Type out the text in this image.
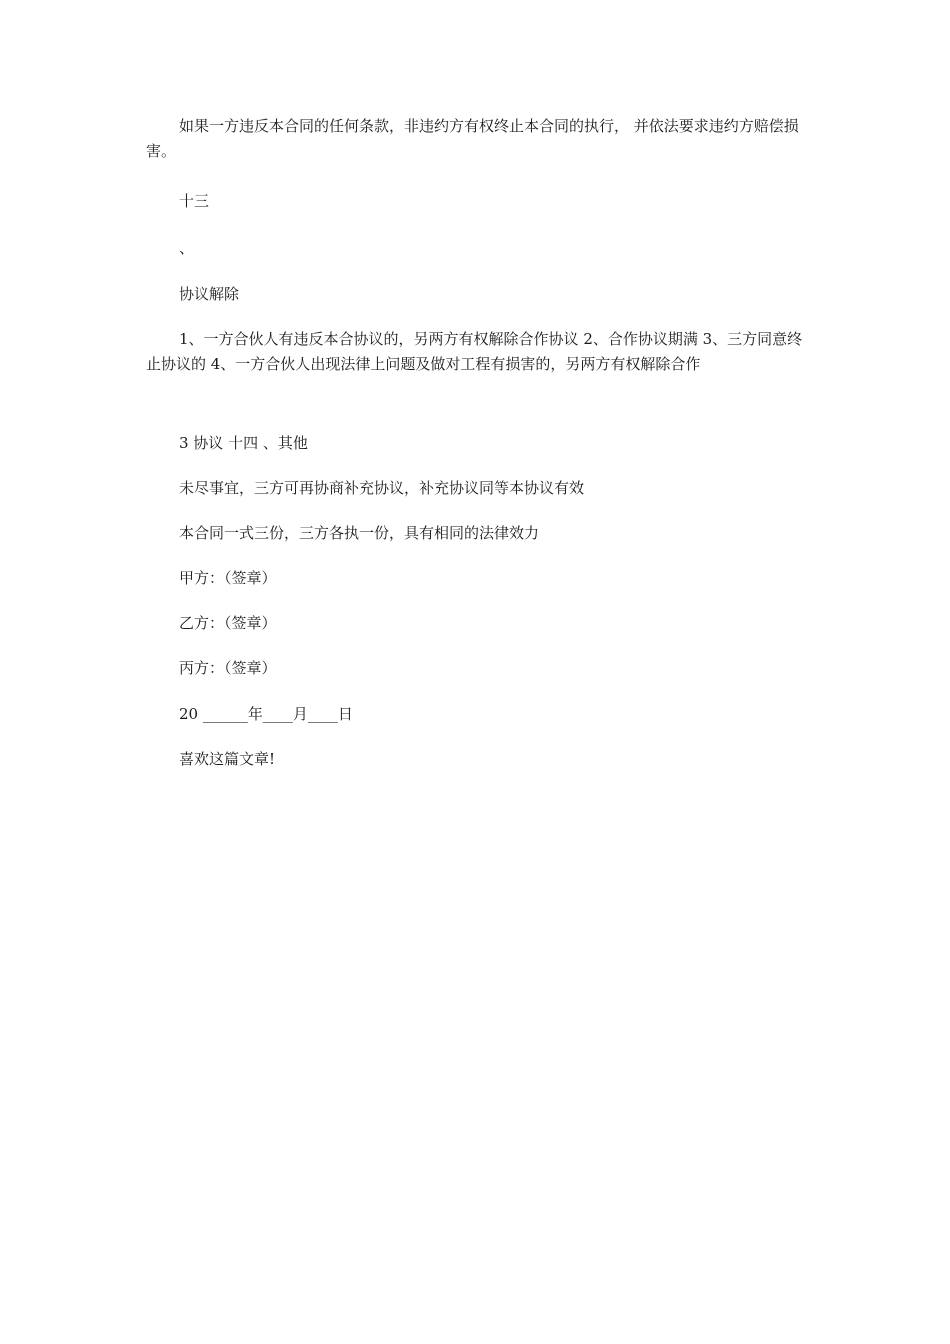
如果一方违反本合同的任何条款，非违约方有权终止本合同的执行， 并依法要求违约方赔偿损害。

十三

、

协议解除

1、一方合伙人有违反本合协议的，另两方有权解除合作协议 2、合作协议期满 3、三方同意终止协议的 4、一方合伙人出现法律上问题及做对工程有损害的，另两方有权解除合作

3 协议 十四 、其他

未尽事宜，三方可再协商补充协议，补充协议同等本协议有效

本合同一式三份，三方各执一份，具有相同的法律效力

甲方：（签章）

乙方：（签章）

丙方：（签章）

20 ______年____月____日

喜欢这篇文章!
